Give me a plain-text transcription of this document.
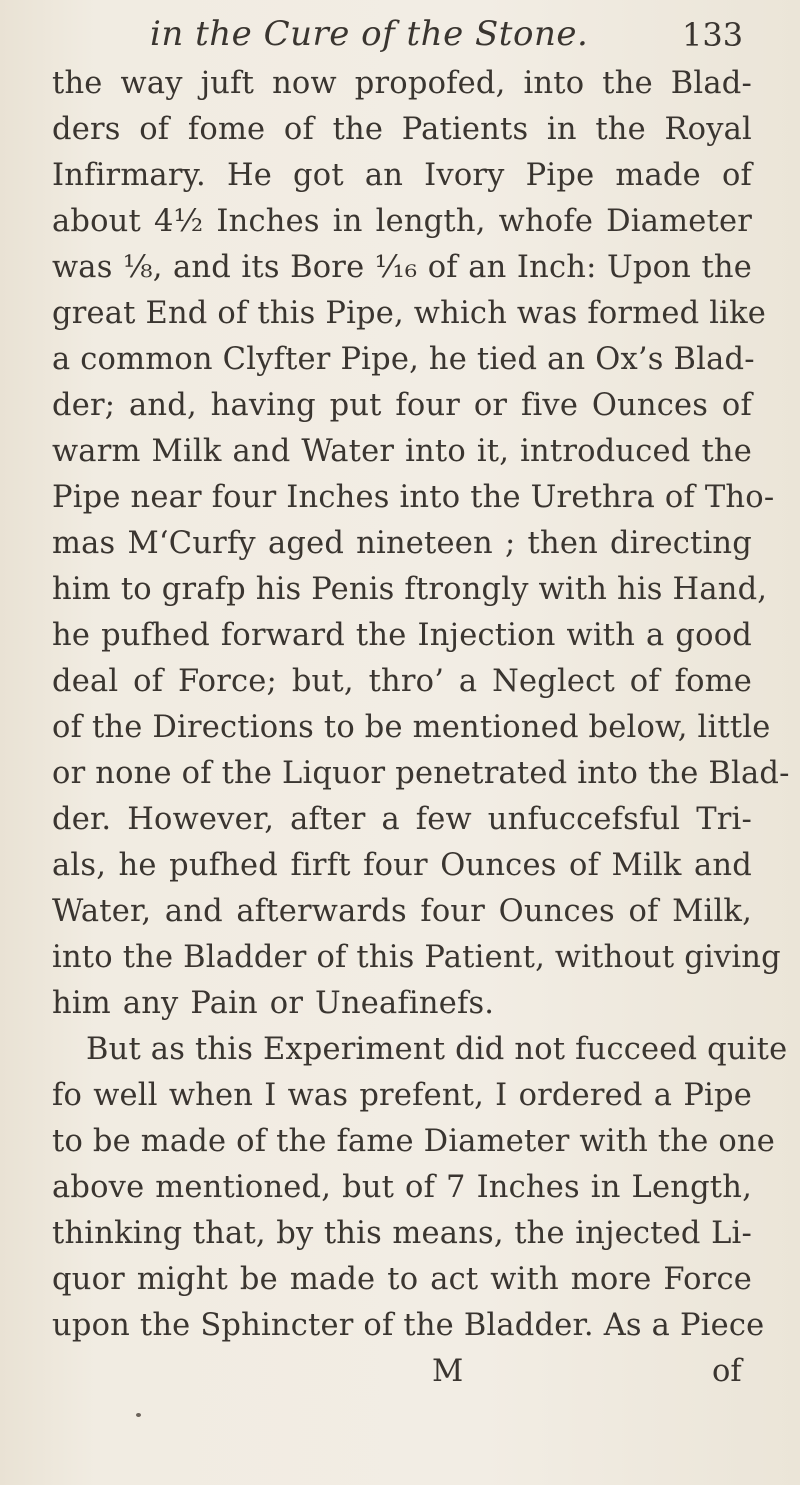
in the Cure of the Stone.	133
the way juft now propofed, into the Blad-
ders of fome of the Patients in the Royal
Infirmary. He got an Ivory Pipe made of
about 4½ Inches in length, whofe Diameter
was ⅛, and its Bore ¹⁄₁₆ of an Inch: Upon the
great End of this Pipe, which was formed like
a common Clyfter Pipe, he tied an Ox’s Blad-
der; and, having put four or five Ounces of
warm Milk and Water into it, introduced the
Pipe near four Inches into the Urethra of Tho-
mas M‘Curfy aged nineteen ; then directing
him to grafp his Penis ftrongly with his Hand,
he pufhed forward the Injection with a good
deal of Force; but, thro’ a Neglect of fome
of the Directions to be mentioned below, little
or none of the Liquor penetrated into the Blad-
der. However, after a few unfuccefsful Tri-
als, he pufhed firft four Ounces of Milk and
Water, and afterwards four Ounces of Milk,
into the Bladder of this Patient, without giving
him any Pain or Uneafinefs.
But as this Experiment did not fucceed quite
fo well when I was prefent, I ordered a Pipe
to be made of the fame Diameter with the one
above mentioned, but of 7 Inches in Length,
thinking that, by this means, the injected Li-
quor might be made to act with more Force
upon the Sphincter of the Bladder. As a Piece
M	of
